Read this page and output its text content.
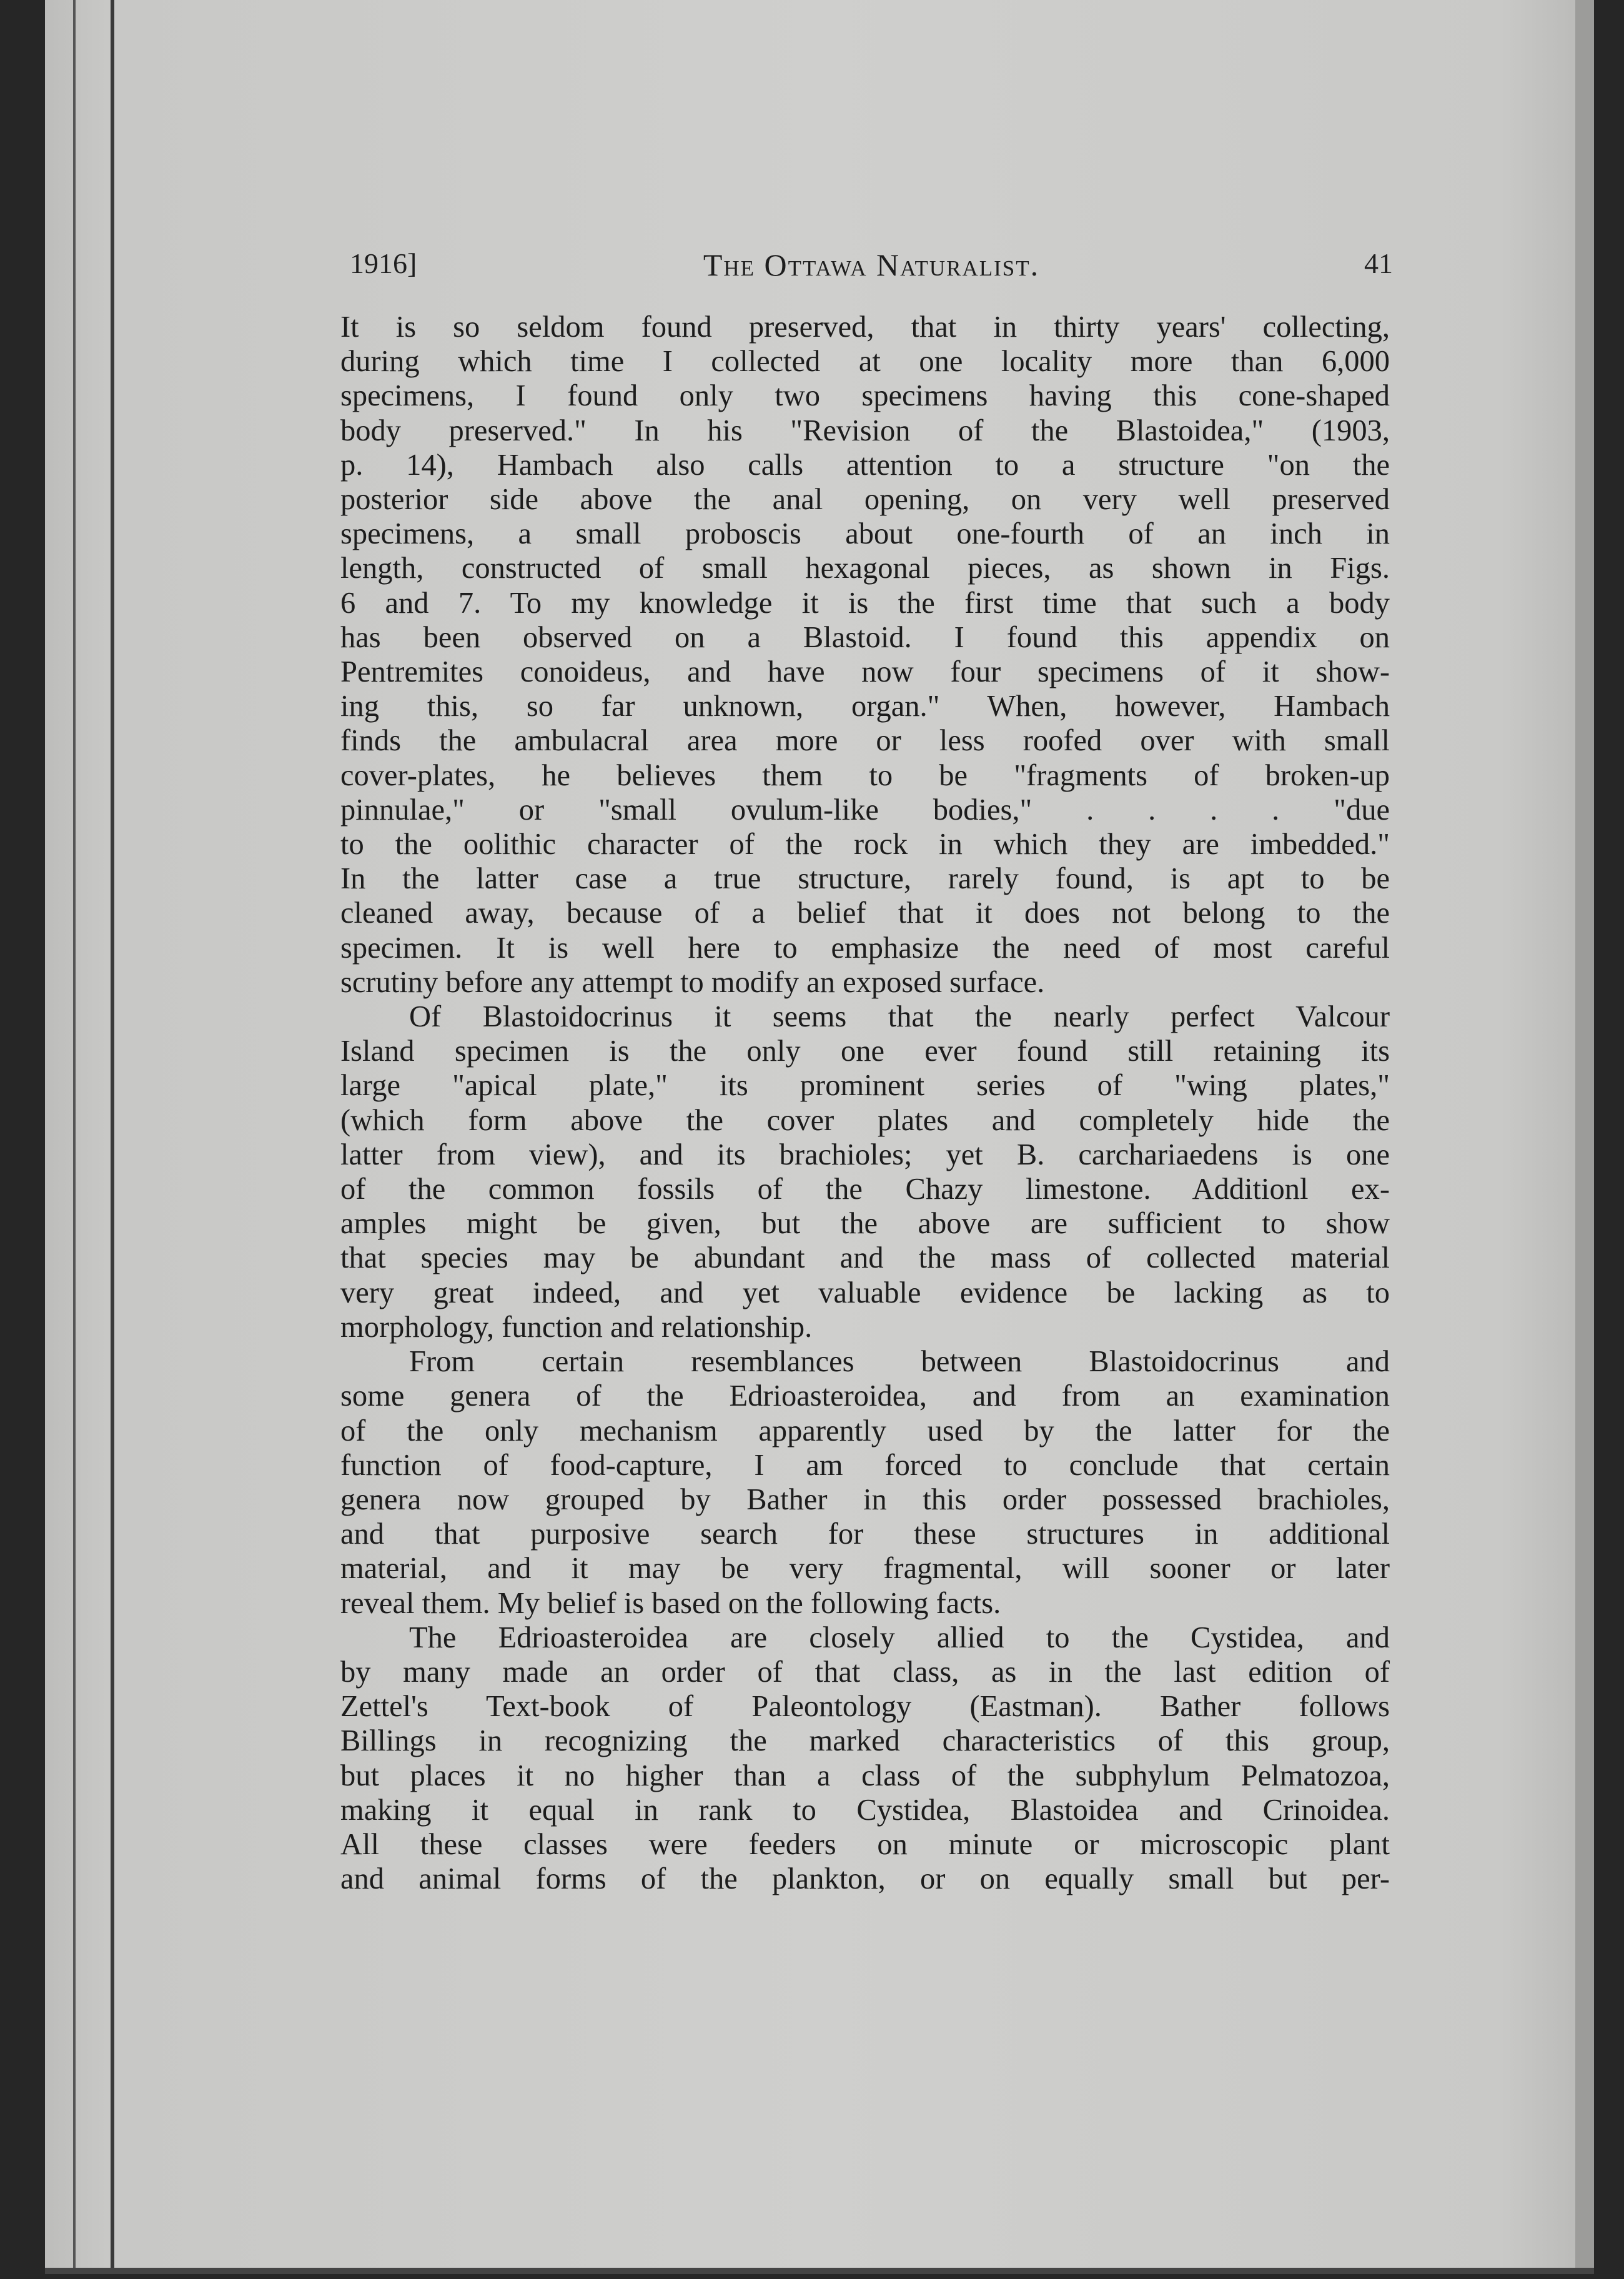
1916]	The Ottawa Naturalist.	41
It is so seldom found preserved, that in thirty years' collecting,
during which time I collected at one locality more than 6,000
specimens, I found only two specimens having this cone-shaped
body preserved." In his "Revision of the Blastoidea," (1903,
p. 14), Hambach also calls attention to a structure "on the
posterior side above the anal opening, on very well preserved
specimens, a small proboscis about one-fourth of an inch in
length, constructed of small hexagonal pieces, as shown in Figs.
6 and 7. To my knowledge it is the first time that such a body
has been observed on a Blastoid. I found this appendix on
Pentremites conoideus, and have now four specimens of it show-
ing this, so far unknown, organ." When, however, Hambach
finds the ambulacral area more or less roofed over with small
cover-plates, he believes them to be "fragments of broken-up
pinnulae," or "small ovulum-like bodies," . . . . "due
to the oolithic character of the rock in which they are imbedded."
In the latter case a true structure, rarely found, is apt to be
cleaned away, because of a belief that it does not belong to the
specimen. It is well here to emphasize the need of most careful
scrutiny before any attempt to modify an exposed surface.
Of Blastoidocrinus it seems that the nearly perfect Valcour
Island specimen is the only one ever found still retaining its
large "apical plate," its prominent series of "wing plates,"
(which form above the cover plates and completely hide the
latter from view), and its brachioles; yet B. carchariaedens is one
of the common fossils of the Chazy limestone. Additionl ex-
amples might be given, but the above are sufficient to show
that species may be abundant and the mass of collected material
very great indeed, and yet valuable evidence be lacking as to
morphology, function and relationship.
From certain resemblances between Blastoidocrinus and
some genera of the Edrioasteroidea, and from an examination
of the only mechanism apparently used by the latter for the
function of food-capture, I am forced to conclude that certain
genera now grouped by Bather in this order possessed brachioles,
and that purposive search for these structures in additional
material, and it may be very fragmental, will sooner or later
reveal them. My belief is based on the following facts.
The Edrioasteroidea are closely allied to the Cystidea, and
by many made an order of that class, as in the last edition of
Zettel's Text-book of Paleontology (Eastman). Bather follows
Billings in recognizing the marked characteristics of this group,
but places it no higher than a class of the subphylum Pelmatozoa,
making it equal in rank to Cystidea, Blastoidea and Crinoidea.
All these classes were feeders on minute or microscopic plant
and animal forms of the plankton, or on equally small but per-
